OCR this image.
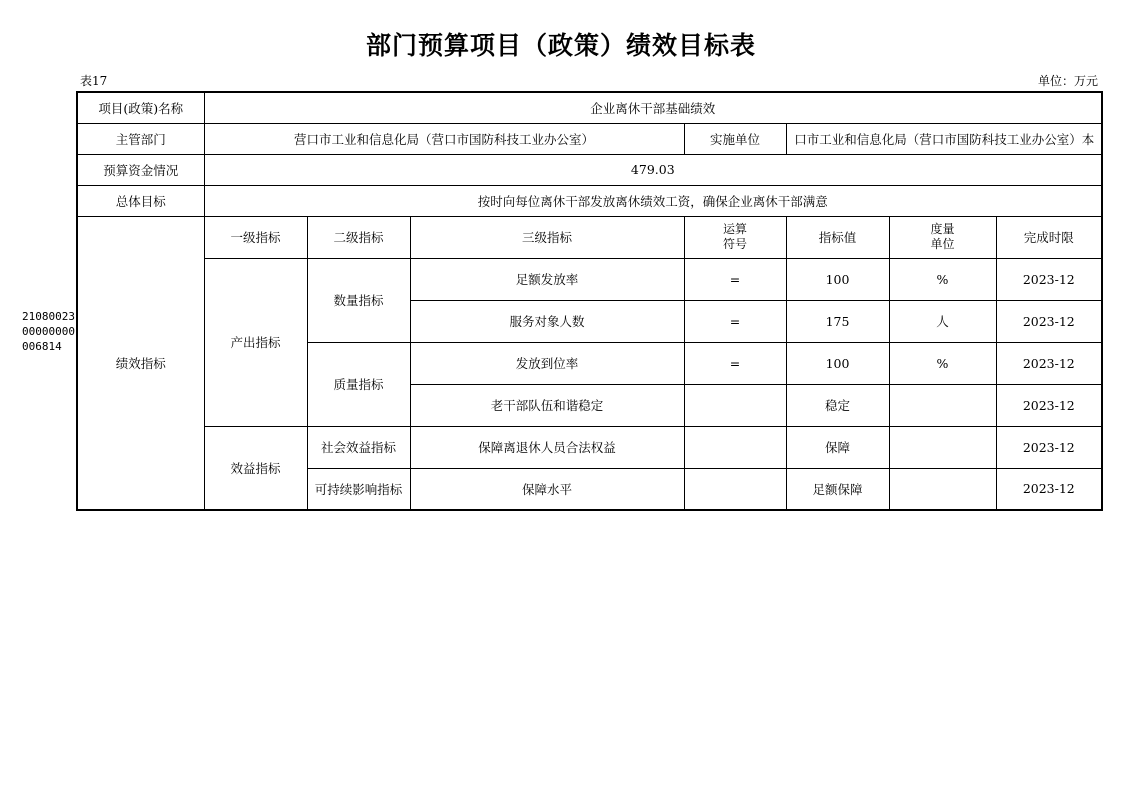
部门预算项目（政策）绩效目标表
表17	单位：万元
2108002300000000006814
项目(政策)名称	企业离休干部基础绩效						
主管部门	营口市工业和信息化局（营口市国防科技工业办公室）			实施单位	口市工业和信息化局（营口市国防科技工业办公室）本		

预算资金情况	479.03						
总体目标	按时向每位离休干部发放离休绩效工资，确保企业离休干部满意						
绩效指标	一级指标	二级指标	三级指标	运算符号	指标值	度量单位	完成时限
	产出指标	数量指标	足额发放率	=	100	%	2023-12
			服务对象人数	=	175	人	2023-12
		质量指标	发放到位率	=	100	%	2023-12
			老干部队伍和谐稳定		稳定		2023-12
	效益指标	社会效益指标	保障离退休人员合法权益		保障		2023-12
		可持续影响指标	保障水平		足额保障		2023-12
